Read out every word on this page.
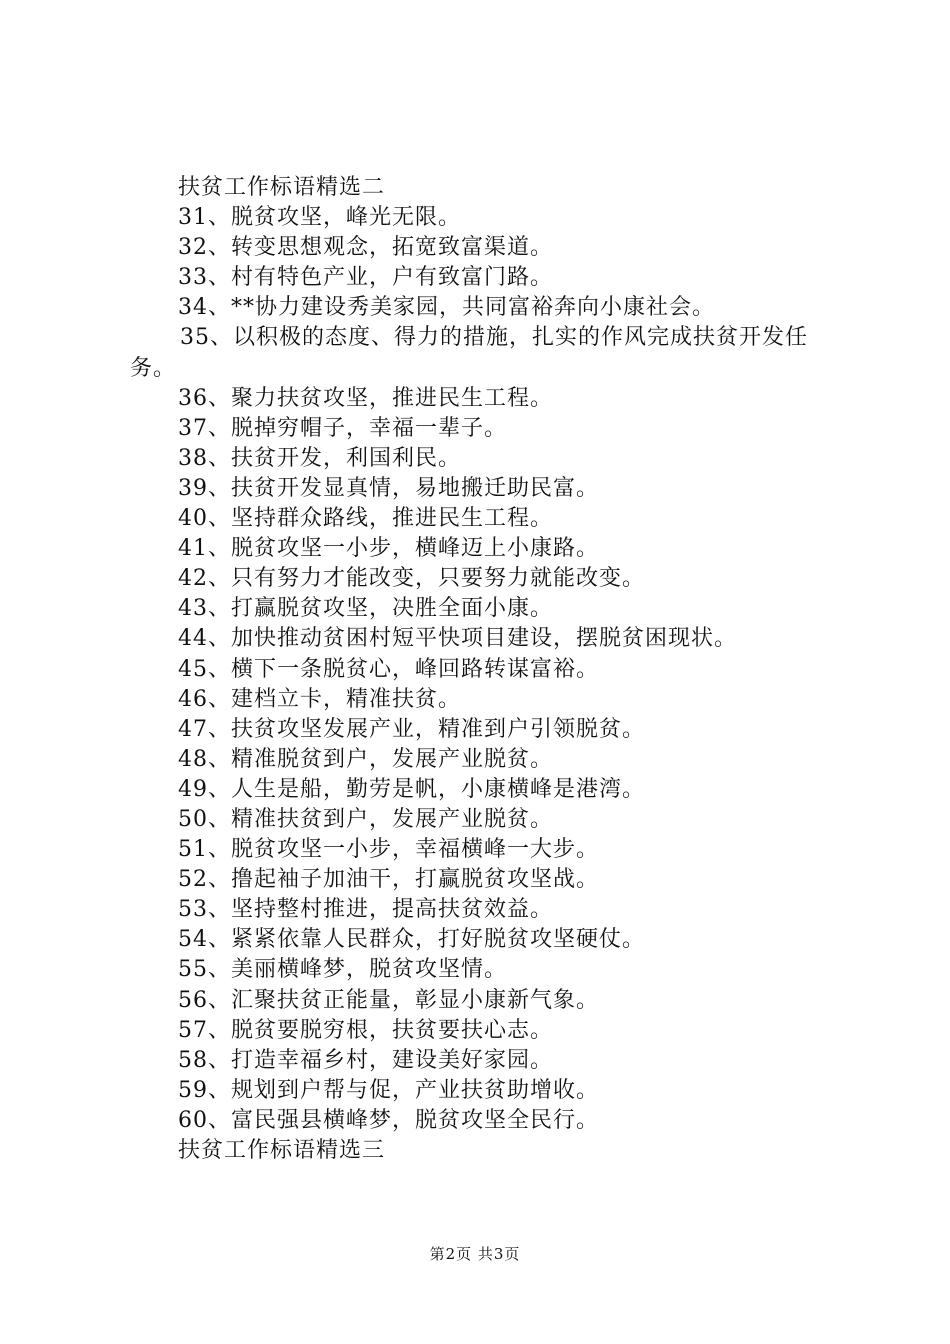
扶贫工作标语精选二
31、脱贫攻坚，峰光无限。
32、转变思想观念，拓宽致富渠道。
33、村有特色产业，户有致富门路。
34、**协力建设秀美家园，共同富裕奔向小康社会。
35、以积极的态度、得力的措施，扎实的作风完成扶贫开发任务。
36、聚力扶贫攻坚，推进民生工程。
37、脱掉穷帽子，幸福一辈子。
38、扶贫开发，利国利民。
39、扶贫开发显真情，易地搬迁助民富。
40、坚持群众路线，推进民生工程。
41、脱贫攻坚一小步，横峰迈上小康路。
42、只有努力才能改变，只要努力就能改变。
43、打赢脱贫攻坚，决胜全面小康。
44、加快推动贫困村短平快项目建设，摆脱贫困现状。
45、横下一条脱贫心，峰回路转谋富裕。
46、建档立卡，精准扶贫。
47、扶贫攻坚发展产业，精准到户引领脱贫。
48、精准脱贫到户，发展产业脱贫。
49、人生是船，勤劳是帆，小康横峰是港湾。
50、精准扶贫到户，发展产业脱贫。
51、脱贫攻坚一小步，幸福横峰一大步。
52、撸起袖子加油干，打赢脱贫攻坚战。
53、坚持整村推进，提高扶贫效益。
54、紧紧依靠人民群众，打好脱贫攻坚硬仗。
55、美丽横峰梦，脱贫攻坚情。
56、汇聚扶贫正能量，彰显小康新气象。
57、脱贫要脱穷根，扶贫要扶心志。
58、打造幸福乡村，建设美好家园。
59、规划到户帮与促，产业扶贫助增收。
60、富民强县横峰梦，脱贫攻坚全民行。
扶贫工作标语精选三
第2页 共3页
